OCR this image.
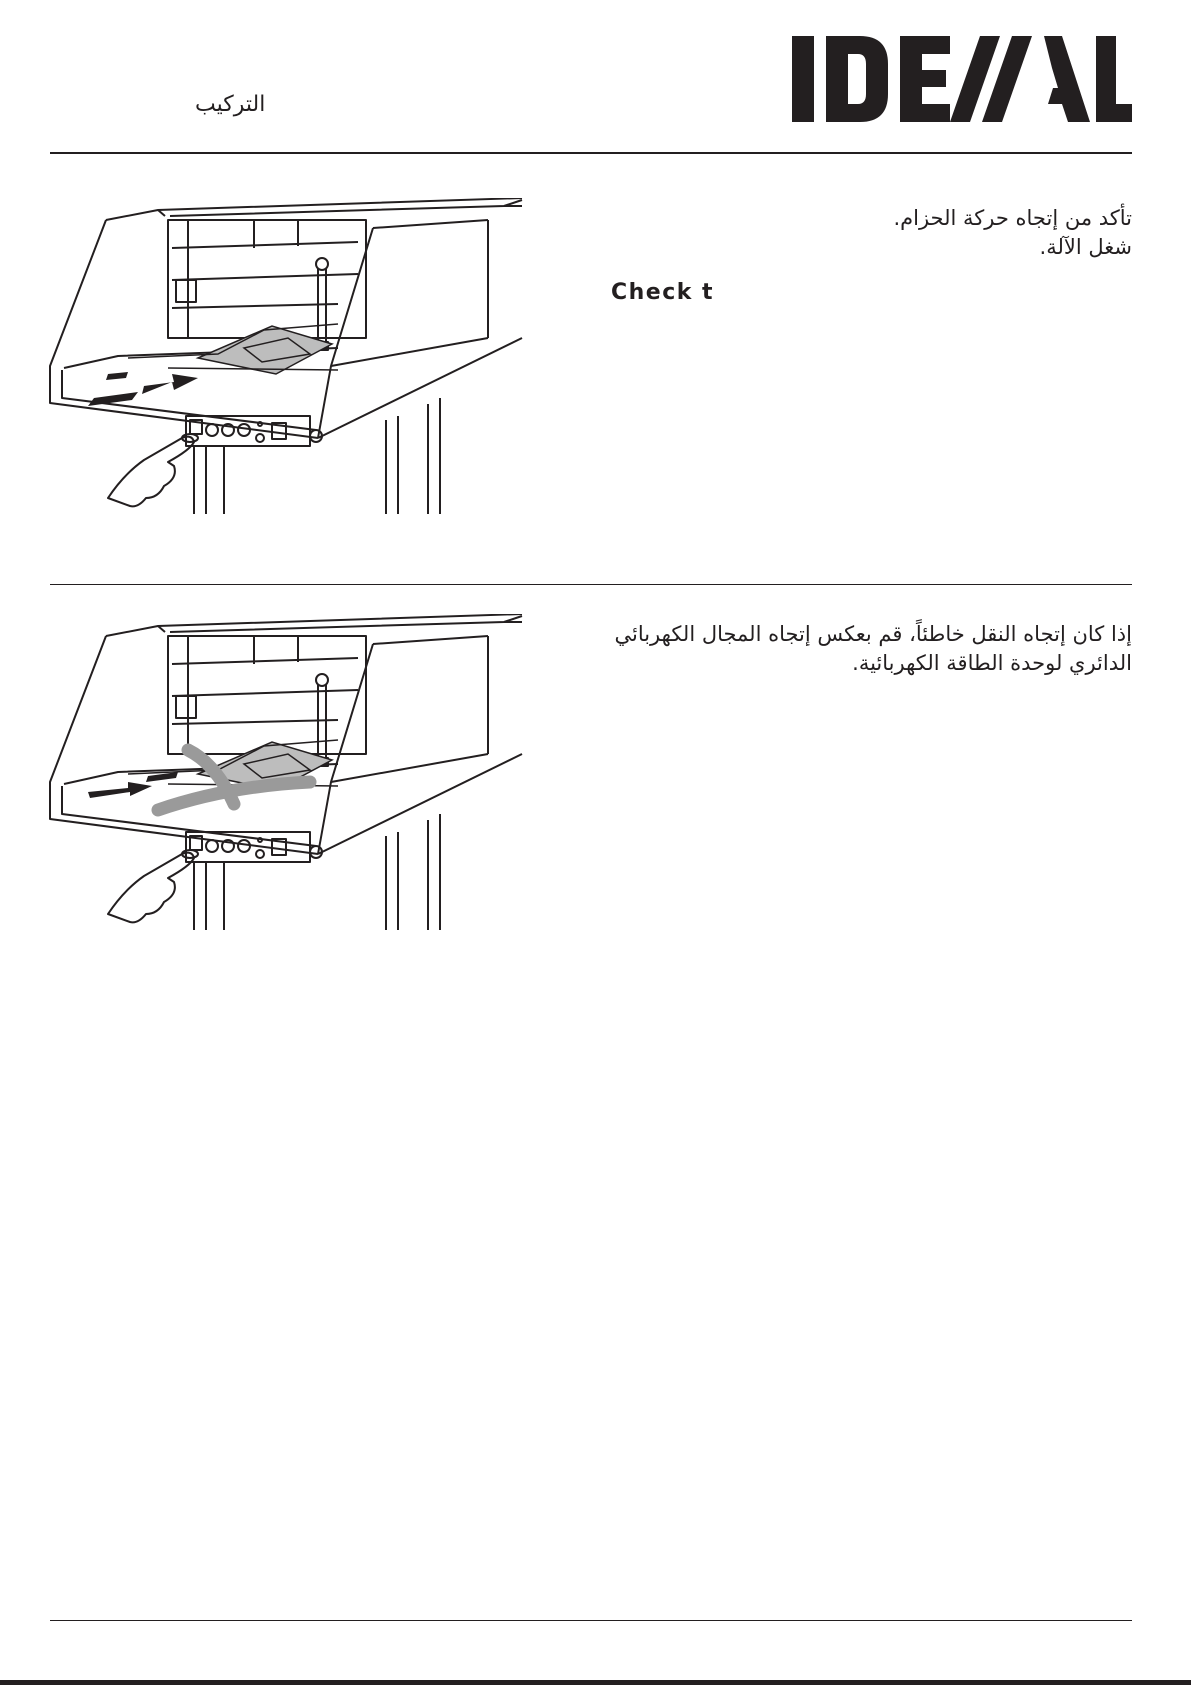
التركيب
تأكد من إتجاه حركة الحزام.
شغل الآلة.
Check t
إذا كان إتجاه النقل خاطئاً، قم بعكس إتجاه المجال الكهربائي
الدائري لوحدة الطاقة الكهربائية.
